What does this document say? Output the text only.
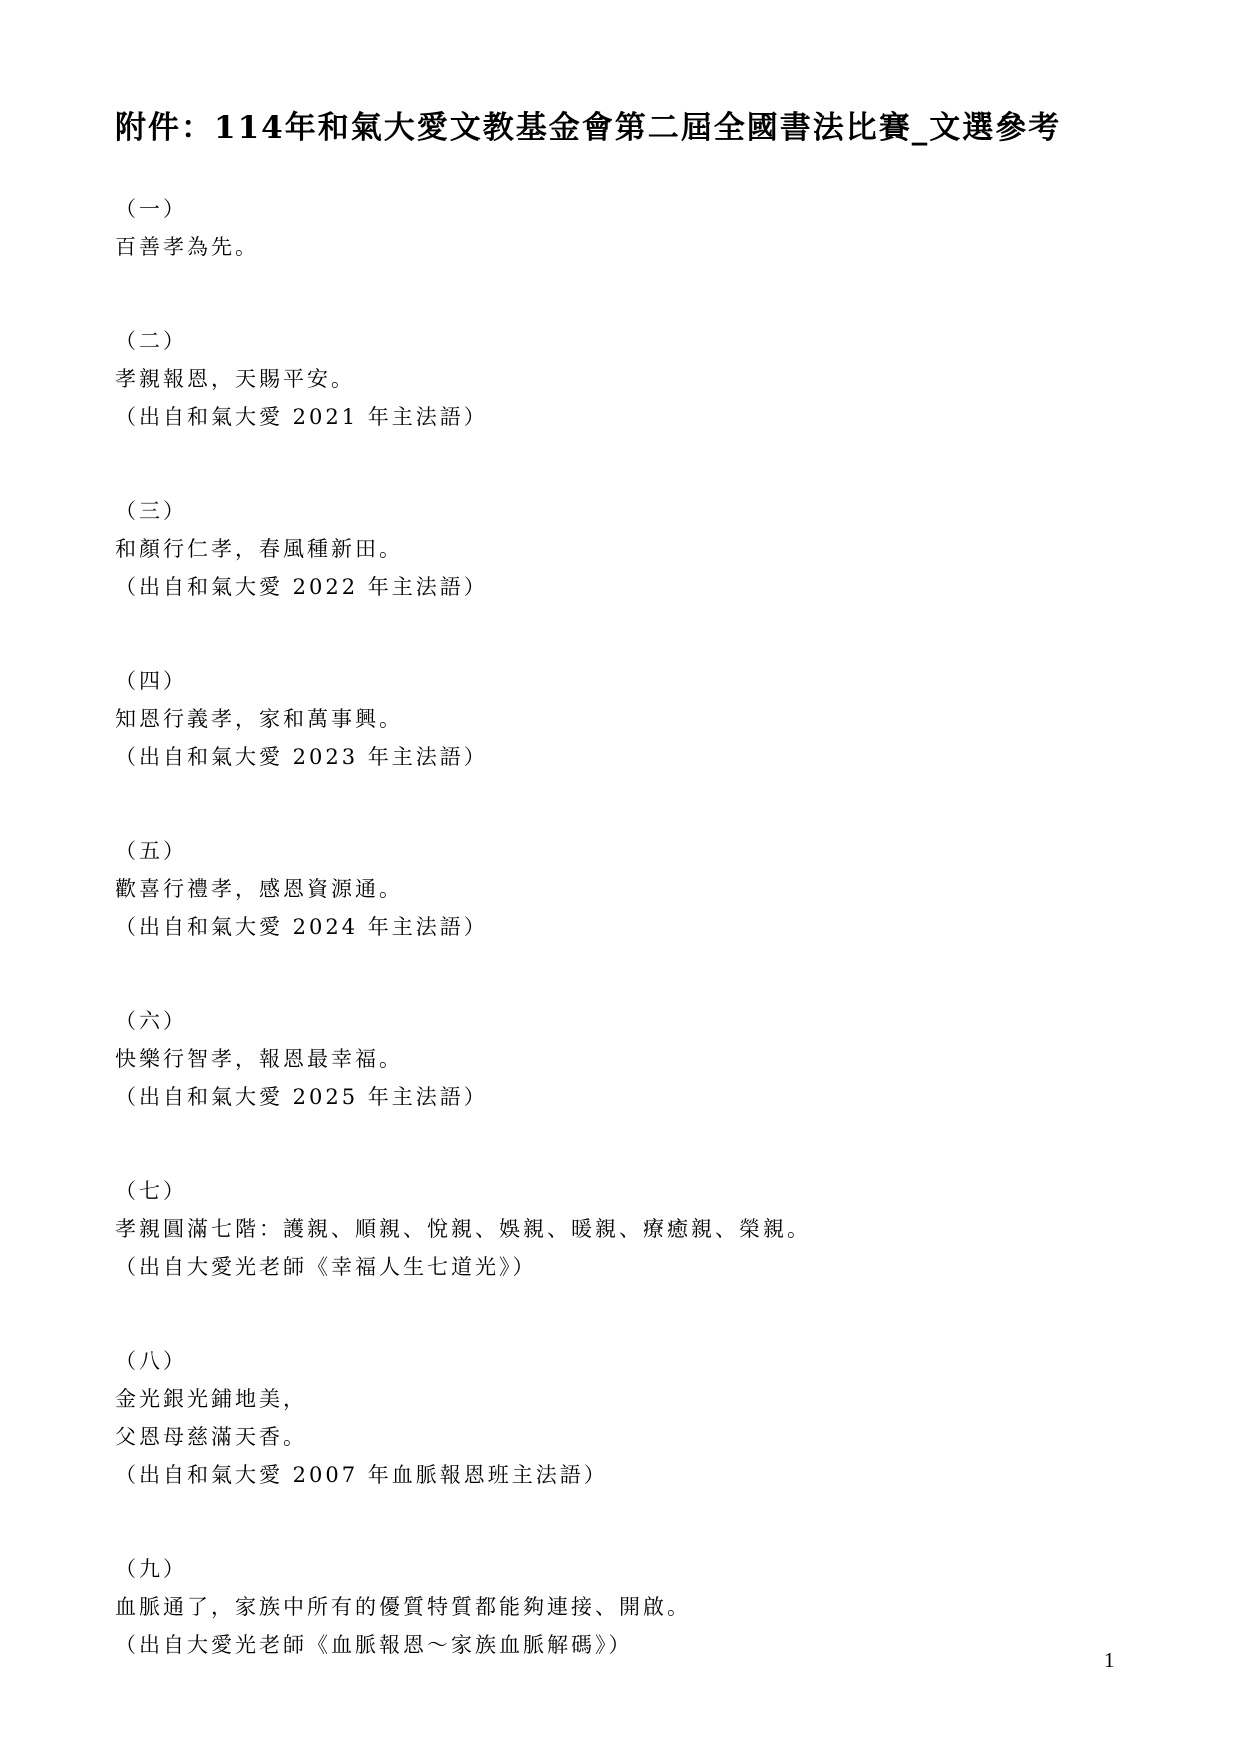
附件：114年和氣大愛文教基金會第二屆全國書法比賽_文選參考
（一）
百善孝為先。
（二）
孝親報恩，天賜平安。
（出自和氣大愛 2021 年主法語）
（三）
和顏行仁孝，春風種新田。
（出自和氣大愛 2022 年主法語）
（四）
知恩行義孝，家和萬事興。
（出自和氣大愛 2023 年主法語）
（五）
歡喜行禮孝，感恩資源通。
（出自和氣大愛 2024 年主法語）
（六）
快樂行智孝，報恩最幸福。
（出自和氣大愛 2025 年主法語）
（七）
孝親圓滿七階：護親、順親、悅親、娛親、暖親、療癒親、榮親。
（出自大愛光老師《幸福人生七道光》）
（八）
金光銀光鋪地美，
父恩母慈滿天香。
（出自和氣大愛 2007 年血脈報恩班主法語）
（九）
血脈通了，家族中所有的優質特質都能夠連接、開啟。
（出自大愛光老師《血脈報恩～家族血脈解碼》）
1
